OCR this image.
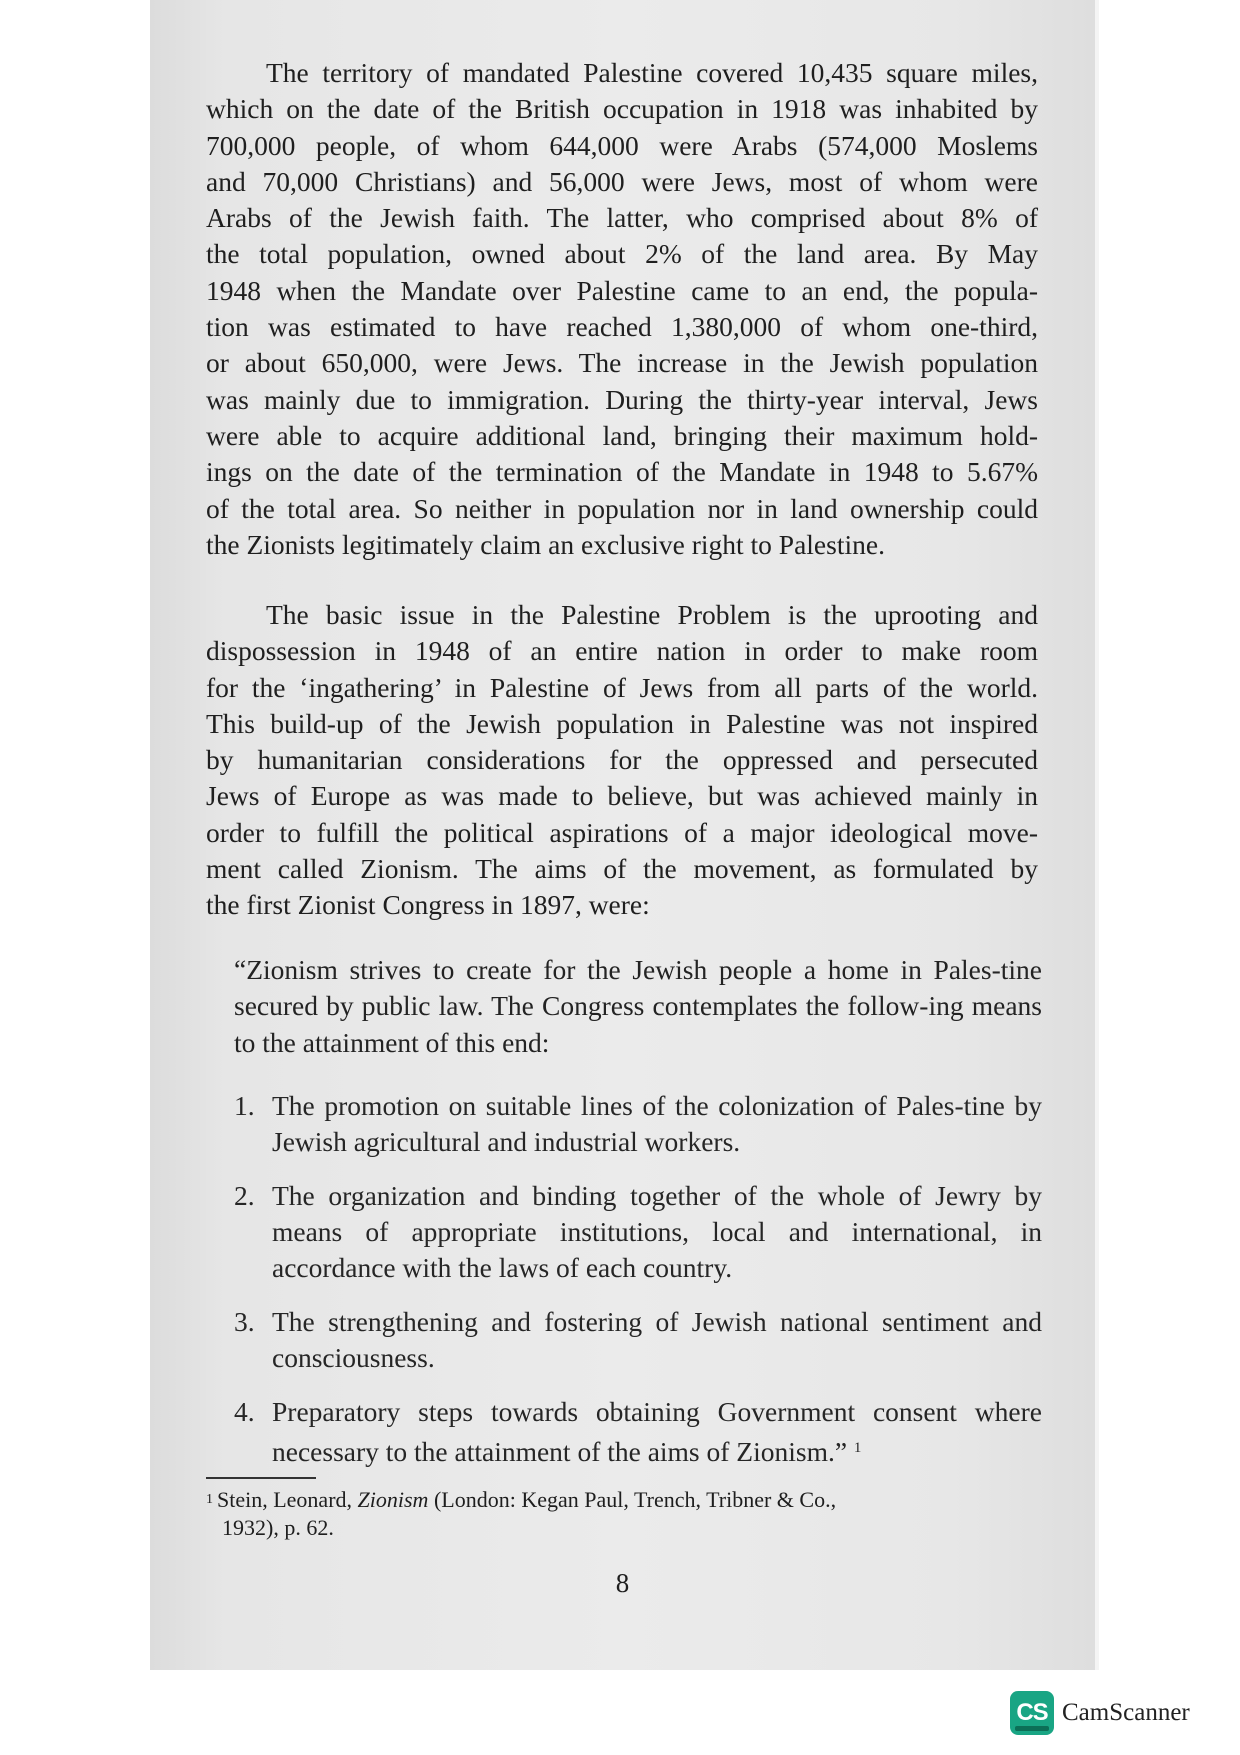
The territory of mandated Palestine covered 10,435 square miles,
which on the date of the British occupation in 1918 was inhabited by
700,000 people, of whom 644,000 were Arabs (574,000 Moslems
and 70,000 Christians) and 56,000 were Jews, most of whom were
Arabs of the Jewish faith. The latter, who comprised about 8% of
the total population, owned about 2% of the land area. By May
1948 when the Mandate over Palestine came to an end, the popula-
tion was estimated to have reached 1,380,000 of whom one-third,
or about 650,000, were Jews. The increase in the Jewish population
was mainly due to immigration. During the thirty-year interval, Jews
were able to acquire additional land, bringing their maximum hold-
ings on the date of the termination of the Mandate in 1948 to 5.67%
of the total area. So neither in population nor in land ownership could
the Zionists legitimately claim an exclusive right to Palestine.
The basic issue in the Palestine Problem is the uprooting and
dispossession in 1948 of an entire nation in order to make room
for the ‘ingathering’ in Palestine of Jews from all parts of the world.
This build-up of the Jewish population in Palestine was not inspired
by humanitarian considerations for the oppressed and persecuted
Jews of Europe as was made to believe, but was achieved mainly in
order to fulfill the political aspirations of a major ideological move-
ment called Zionism. The aims of the movement, as formulated by
the first Zionist Congress in 1897, were:
“Zionism strives to create for the Jewish people a home in Pales-tine secured by public law. The Congress contemplates the follow-ing means to the attainment of this end:
1. The promotion on suitable lines of the colonization of Pales-tine by Jewish agricultural and industrial workers.
2. The organization and binding together of the whole of Jewry by means of appropriate institutions, local and international, in accordance with the laws of each country.
3. The strengthening and fostering of Jewish national sentiment and consciousness.
4. Preparatory steps towards obtaining Government consent where necessary to the attainment of the aims of Zionism.” $^1$
1 Stein, Leonard, Zionism (London: Kegan Paul, Trench, Tribner & Co.,
1932), p. 62.
8
CS CamScanner
